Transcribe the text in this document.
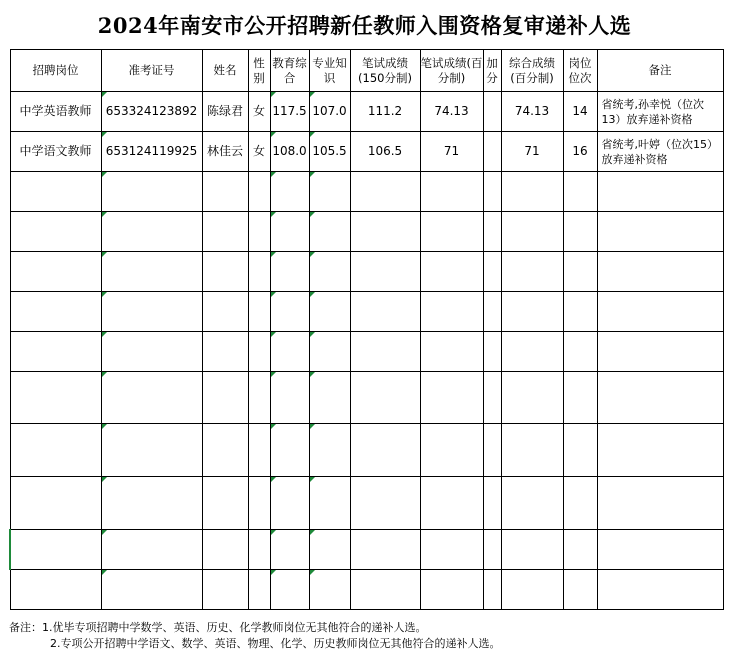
2024年南安市公开招聘新任教师入围资格复审递补人选
招聘岗位	准考证号	姓名	性别	教育综合	专业知识	笔试成绩(150分制)	笔试成绩(百分制)	加分	综合成绩(百分制)	岗位位次	备注
中学英语教师	653324123892	陈绿君	女	117.5	107.0	111.2	74.13		74.13	14	省统考,孙幸悦（位次13）放弃递补资格
中学语文教师	653124119925	林佳云	女	108.0	105.5	106.5	71		71	16	省统考,叶婷（位次15）放弃递补资格

备注：1.优毕专项招聘中学数学、英语、历史、化学教师岗位无其他符合的递补人选。
2.专项公开招聘中学语文、数学、英语、物理、化学、历史教师岗位无其他符合的递补人选。
